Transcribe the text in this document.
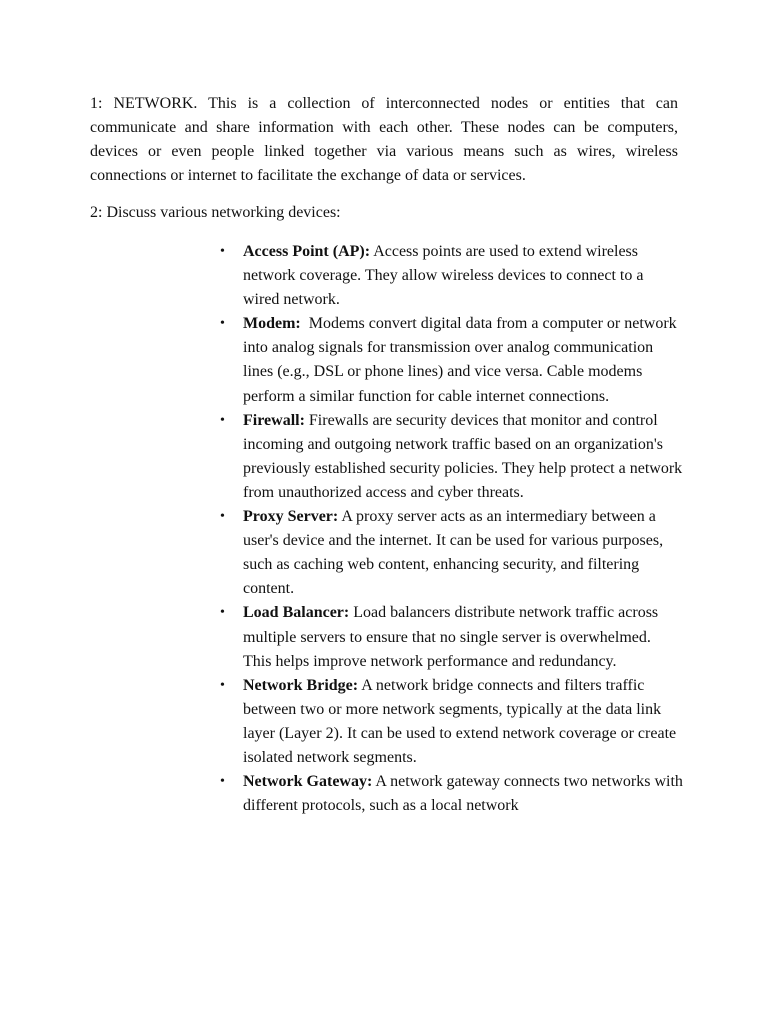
1: NETWORK. This is a collection of interconnected nodes or entities that can communicate and share information with each other. These nodes can be computers, devices or even people linked together via various means such as wires, wireless connections or internet to facilitate the exchange of data or services.

2: Discuss various networking devices:

• Access Point (AP): Access points are used to extend wireless network coverage. They allow wireless devices to connect to a wired network.
• Modem:  Modems convert digital data from a computer or network into analog signals for transmission over analog communication lines (e.g., DSL or phone lines) and vice versa. Cable modems perform a similar function for cable internet connections.
• Firewall: Firewalls are security devices that monitor and control incoming and outgoing network traffic based on an organization's previously established security policies. They help protect a network from unauthorized access and cyber threats.
• Proxy Server: A proxy server acts as an intermediary between a user's device and the internet. It can be used for various purposes, such as caching web content, enhancing security, and filtering content.
• Load Balancer: Load balancers distribute network traffic across multiple servers to ensure that no single server is overwhelmed. This helps improve network performance and redundancy.
• Network Bridge: A network bridge connects and filters traffic between two or more network segments, typically at the data link layer (Layer 2). It can be used to extend network coverage or create isolated network segments.
• Network Gateway: A network gateway connects two networks with different protocols, such as a local network
